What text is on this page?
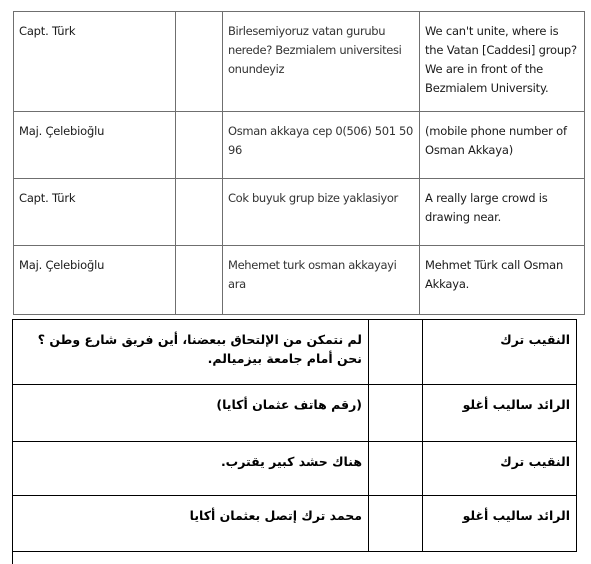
Capt. Türk		Birlesemiyoruz vatan gurubu nerede? Bezmialem universitesi onundeyiz	We can't unite, where is the Vatan [Caddesi] group? We are in front of the Bezmialem University.
Maj. Çelebioğlu		Osman akkaya cep 0(506) 501 50 96	(mobile phone number of Osman Akkaya)
Capt. Türk		Cok buyuk grup bize yaklasiyor	A really large crowd is drawing near.
Maj. Çelebioğlu		Mehemet turk osman akkayayi ara	Mehmet Türk call Osman Akkaya.
النقيب ترك		لم نتمكن من الإلتحاق ببعضنا، أين فريق شارع وطن ؟ نحن أمام جامعة بيزميالم.
الرائد ساليب أغلو		(رقم هاتف عثمان أكايا)
النقيب ترك		هناك حشد كبير يقترب.
الرائد ساليب أغلو		محمد ترك إتصل بعثمان أكايا
